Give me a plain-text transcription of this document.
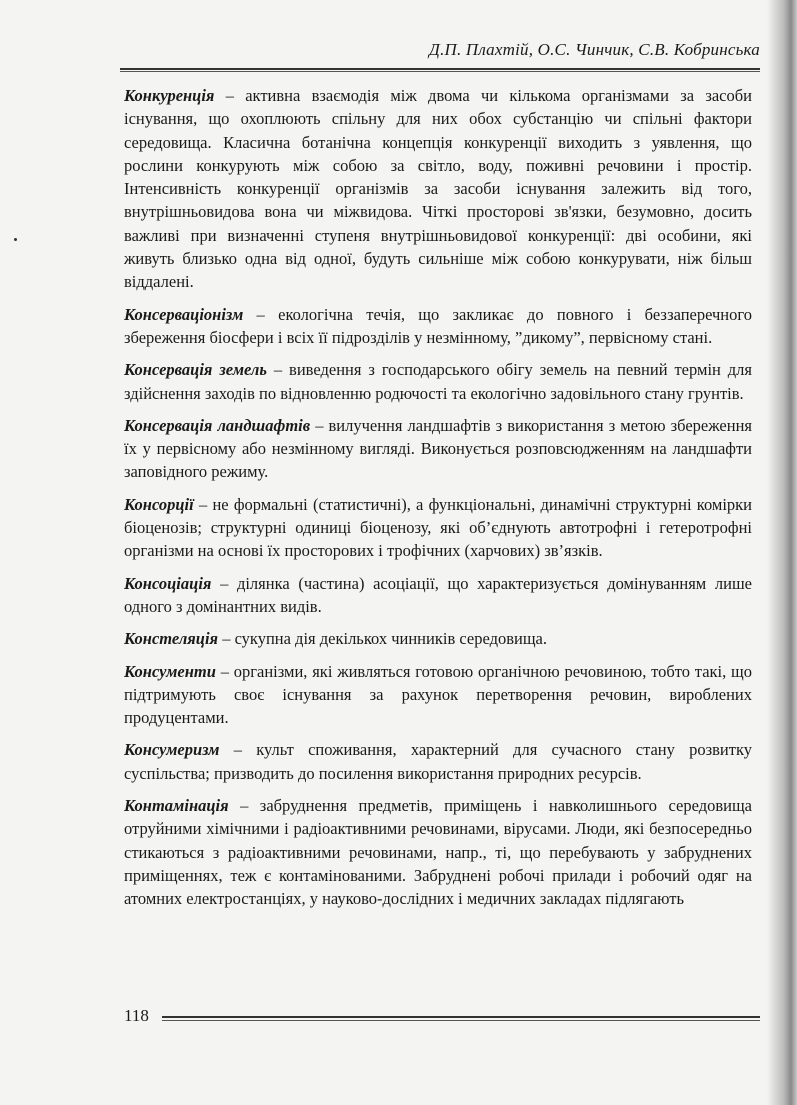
Д.П. Плахтій, О.С. Чинчик, С.В. Кобринська

Конкуренція – активна взаємодія між двома чи кількома організмами за засоби існування, що охоплюють спільну для них обох субстанцію чи спільні фактори середовища. Класична ботанічна концепція конкуренції виходить з уявлення, що рослини конкурують між собою за світло, воду, поживні речовини і простір. Інтенсивність конкуренції організмів за засоби існування залежить від того, внутрішньовидова вона чи міжвидова. Чіткі просторові зв'язки, безумовно, досить важливі при визначенні ступеня внутрішньовидової конкуренції: дві особини, які живуть близько одна від одної, будуть сильніше між собою конкурувати, ніж більш віддалені.

Консерваціонізм – екологічна течія, що закликає до повного і беззаперечного збереження біосфери і всіх її підрозділів у незмінному, ”дикому”, первісному стані.

Консервація земель – виведення з господарського обігу земель на певний термін для здійснення заходів по відновленню родючості та екологічно задовільного стану грунтів.

Консервація ландшафтів – вилучення ландшафтів з використання з метою збереження їх у первісному або незмінному вигляді. Виконується розповсюдженням на ландшафти заповідного режиму.

Консорції – не формальні (статистичні), а функціональні, динамічні структурні комірки біоценозів; структурні одиниці біоценозу, які об’єднують автотрофні і гетеротрофні організми на основі їх просторових і трофічних (харчових) зв’язків.

Консоціація – ділянка (частина) асоціації, що характеризується домінуванням лише одного з домінантних видів.

Констеляція – сукупна дія декількох чинників середовища.

Консументи – організми, які живляться готовою органічною речовиною, тобто такі, що підтримують своє існування за рахунок перетворення речовин, вироблених продуцентами.

Консумеризм – культ споживання, характерний для сучасного стану розвитку суспільства; призводить до посилення використання природних ресурсів.

Контамінація – забруднення предметів, приміщень і навколишнього середовища отруйними хімічними і радіоактивними речовинами, вірусами. Люди, які безпосередньо стикаються з радіоактивними речовинами, напр., ті, що перебувають у забруднених приміщеннях, теж є контамінованими. Забруднені робочі прилади і робочий одяг на атомних електростанціях, у науково-дослідних і медичних закладах підлягають

118
